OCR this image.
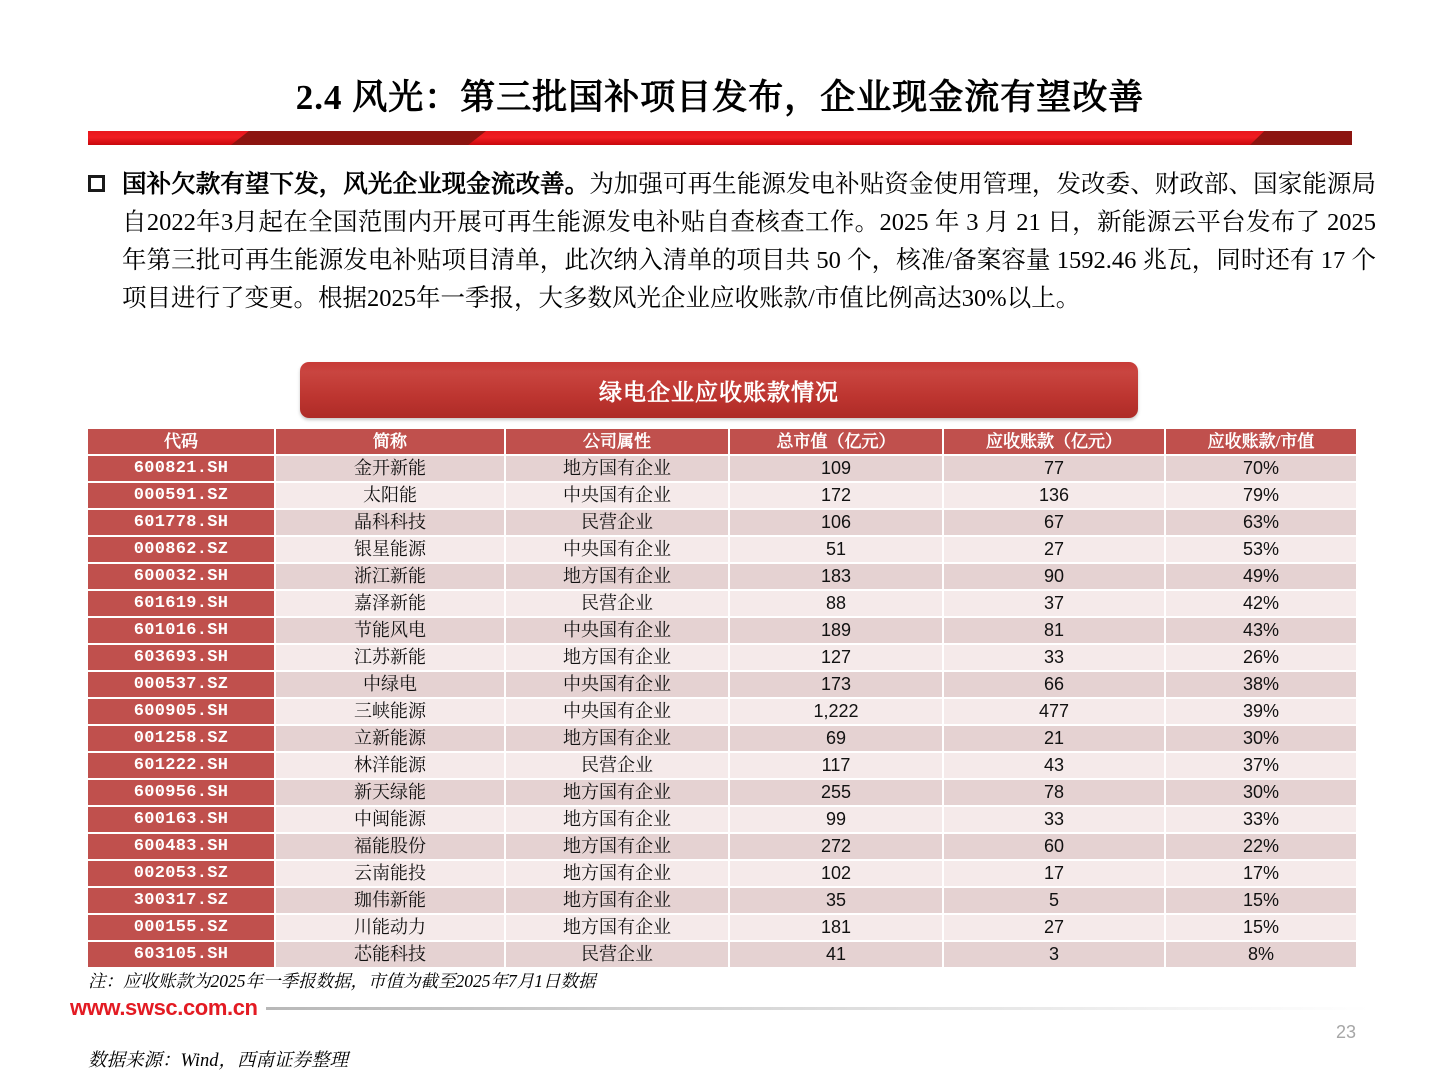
2.4 风光：第三批国补项目发布，企业现金流有望改善
国补欠款有望下发，风光企业现金流改善。为加强可再生能源发电补贴资金使用管理，发改委、财政部、国家能源局自2022年3月起在全国范围内开展可再生能源发电补贴自查核查工作。2025 年 3 月 21 日，新能源云平台发布了 2025 年第三批可再生能源发电补贴项目清单，此次纳入清单的项目共 50 个，核准/备案容量 1592.46 兆瓦，同时还有 17 个项目进行了变更。根据2025年一季报，大多数风光企业应收账款/市值比例高达30%以上。
绿电企业应收账款情况
代码	简称	公司属性	总市值（亿元）	应收账款（亿元）	应收账款/市值
600821.SH	金开新能	地方国有企业	109	77	70%
000591.SZ	太阳能	中央国有企业	172	136	79%
601778.SH	晶科科技	民营企业	106	67	63%
000862.SZ	银星能源	中央国有企业	51	27	53%
600032.SH	浙江新能	地方国有企业	183	90	49%
601619.SH	嘉泽新能	民营企业	88	37	42%
601016.SH	节能风电	中央国有企业	189	81	43%
603693.SH	江苏新能	地方国有企业	127	33	26%
000537.SZ	中绿电	中央国有企业	173	66	38%
600905.SH	三峡能源	中央国有企业	1,222	477	39%
001258.SZ	立新能源	地方国有企业	69	21	30%
601222.SH	林洋能源	民营企业	117	43	37%
600956.SH	新天绿能	地方国有企业	255	78	30%
600163.SH	中闽能源	地方国有企业	99	33	33%
600483.SH	福能股份	地方国有企业	272	60	22%
002053.SZ	云南能投	地方国有企业	102	17	17%
300317.SZ	珈伟新能	地方国有企业	35	5	15%
000155.SZ	川能动力	地方国有企业	181	27	15%
603105.SH	芯能科技	民营企业	41	3	8%
注：应收账款为2025年一季报数据，市值为截至2025年7月1日数据
www.swsc.com.cn
数据来源：Wind，西南证券整理
23
